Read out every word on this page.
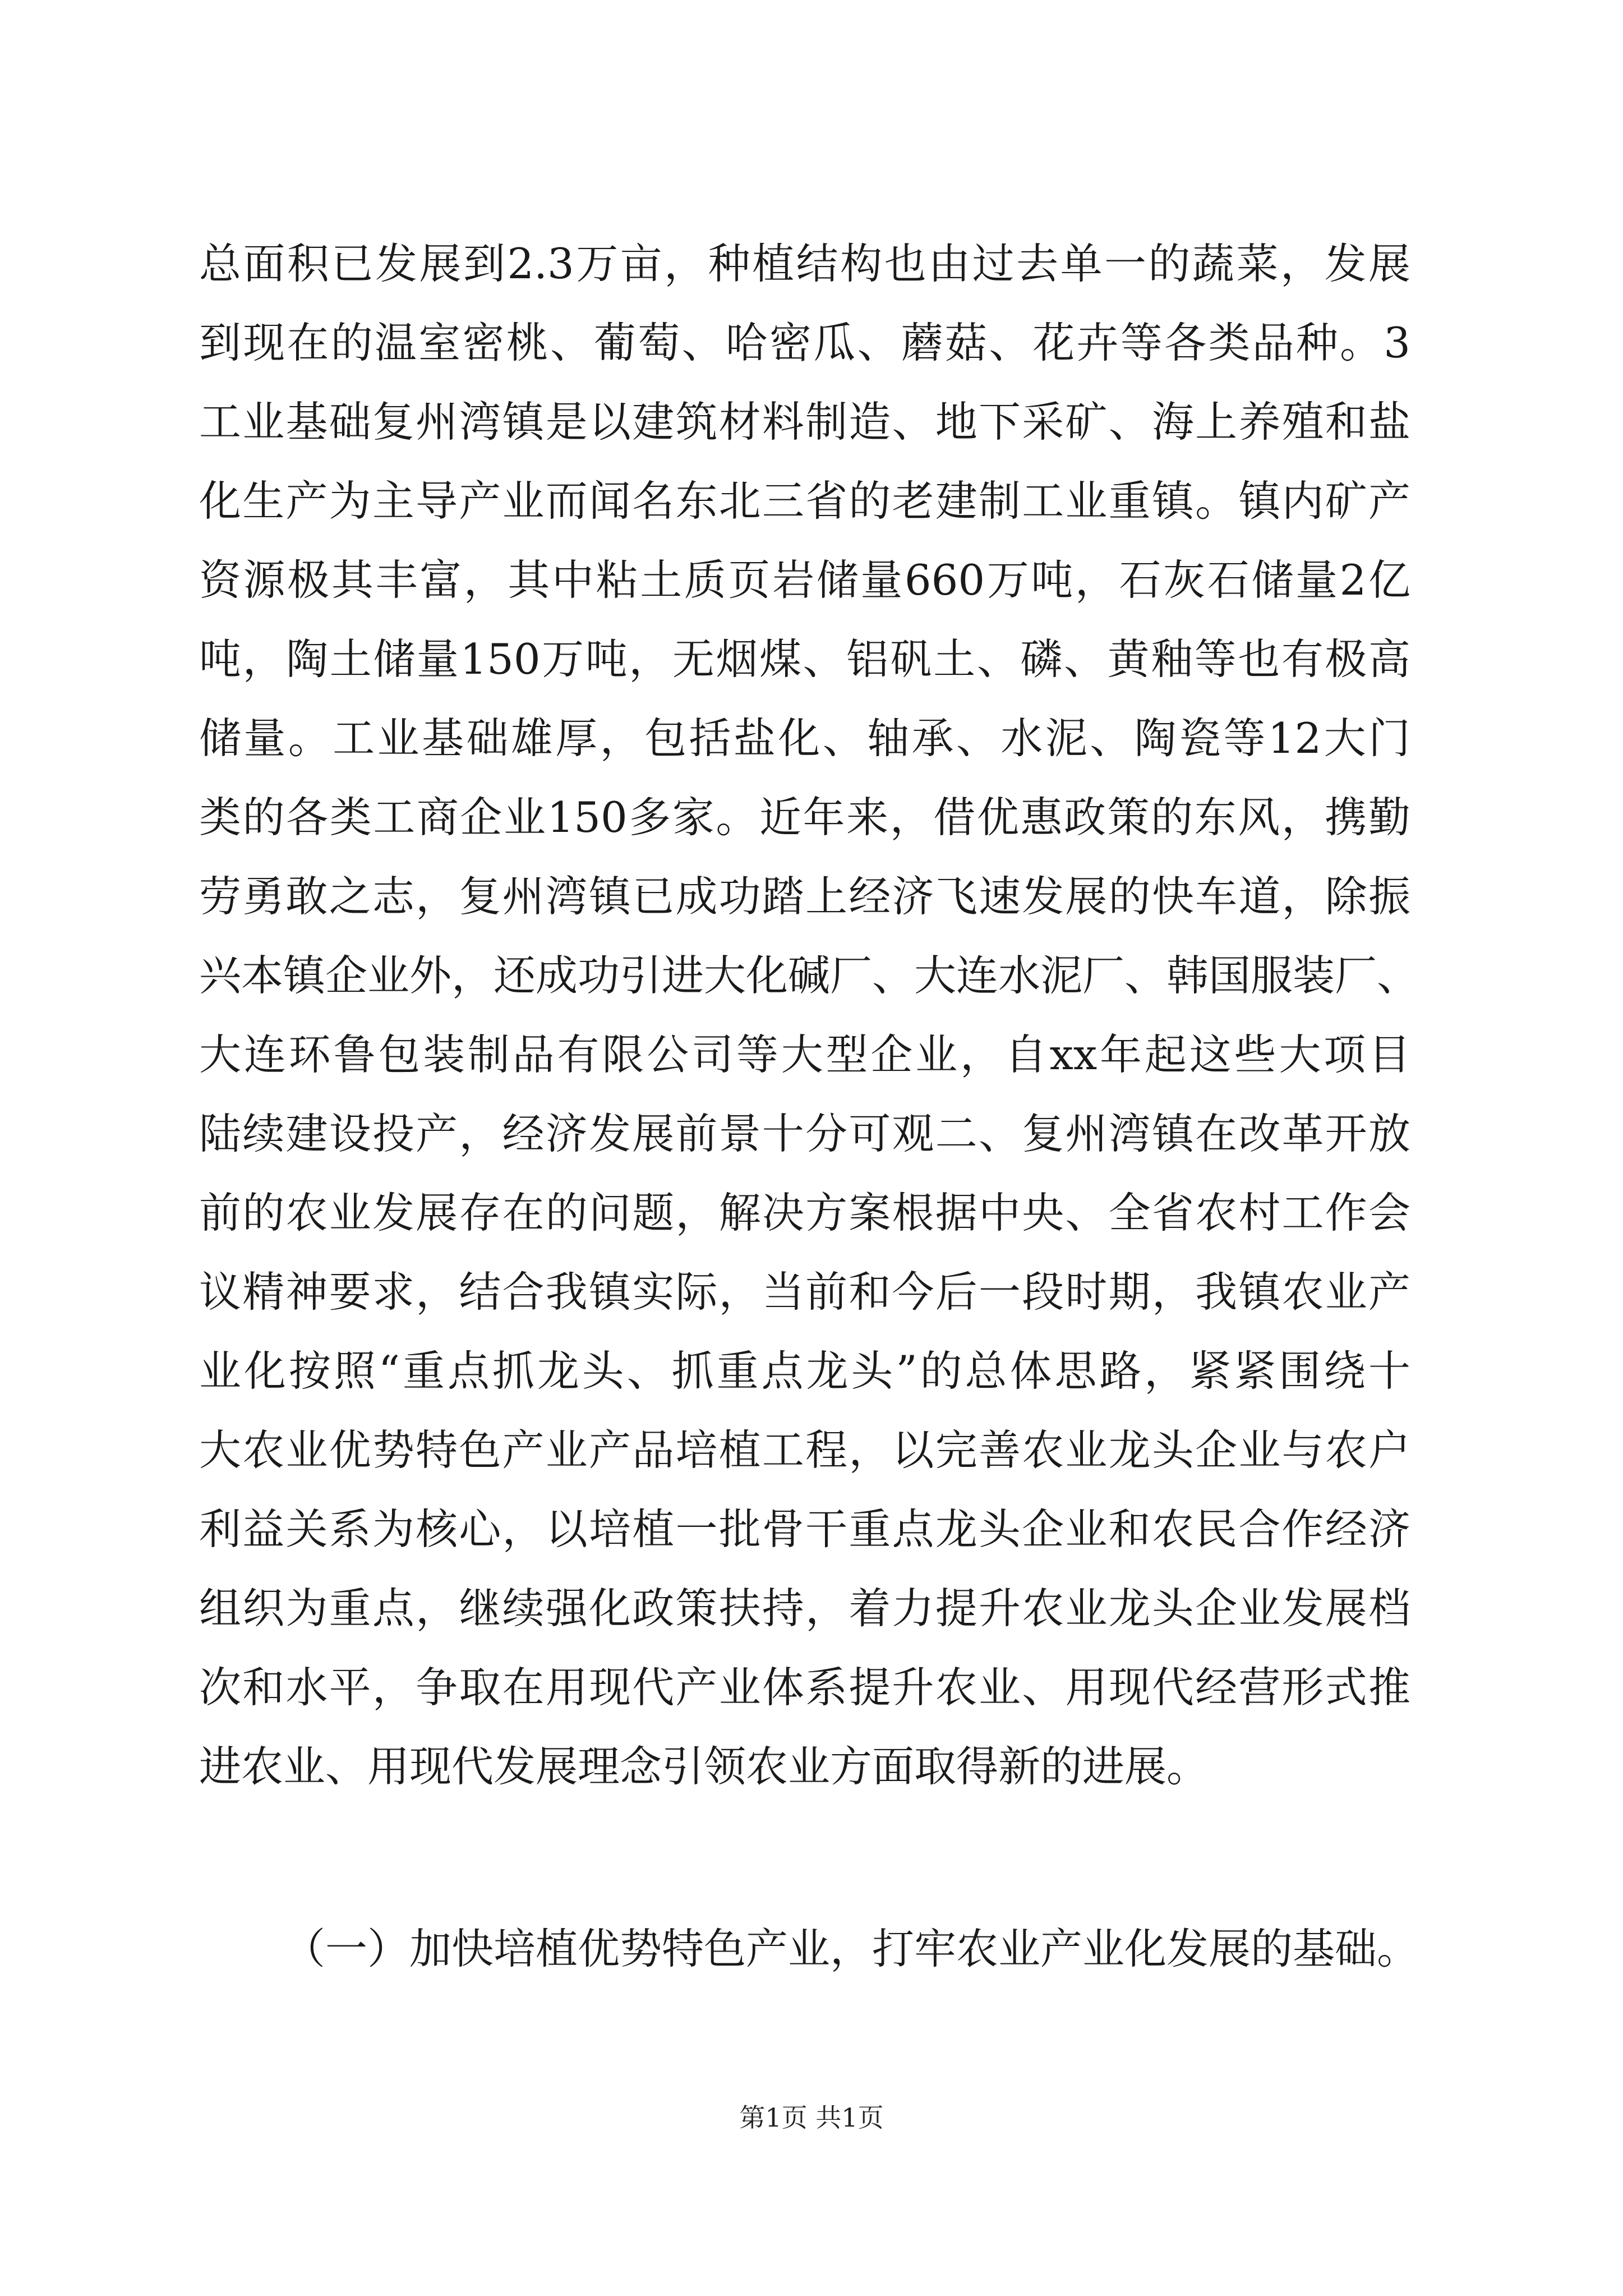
总面积已发展到2.3万亩，种植结构也由过去单一的蔬菜，发展
到现在的温室密桃、葡萄、哈密瓜、蘑菇、花卉等各类品种。3
工业基础复州湾镇是以建筑材料制造、地下采矿、海上养殖和盐
化生产为主导产业而闻名东北三省的老建制工业重镇。镇内矿产
资源极其丰富，其中粘土质页岩储量660万吨，石灰石储量2亿
吨，陶土储量150万吨，无烟煤、铝矾土、磷、黄釉等也有极高
储量。工业基础雄厚，包括盐化、轴承、水泥、陶瓷等12大门
类的各类工商企业150多家。近年来，借优惠政策的东风，携勤
劳勇敢之志，复州湾镇已成功踏上经济飞速发展的快车道，除振
兴本镇企业外，还成功引进大化碱厂、大连水泥厂、韩国服装厂、
大连环鲁包装制品有限公司等大型企业，自xx年起这些大项目
陆续建设投产，经济发展前景十分可观二、复州湾镇在改革开放
前的农业发展存在的问题，解决方案根据中央、全省农村工作会
议精神要求，结合我镇实际，当前和今后一段时期，我镇农业产
业化按照“重点抓龙头、抓重点龙头”的总体思路，紧紧围绕十
大农业优势特色产业产品培植工程，以完善农业龙头企业与农户
利益关系为核心，以培植一批骨干重点龙头企业和农民合作经济
组织为重点，继续强化政策扶持，着力提升农业龙头企业发展档
次和水平，争取在用现代产业体系提升农业、用现代经营形式推
进农业、用现代发展理念引领农业方面取得新的进展。

（一）加快培植优势特色产业，打牢农业产业化发展的基础。

第1页 共1页
